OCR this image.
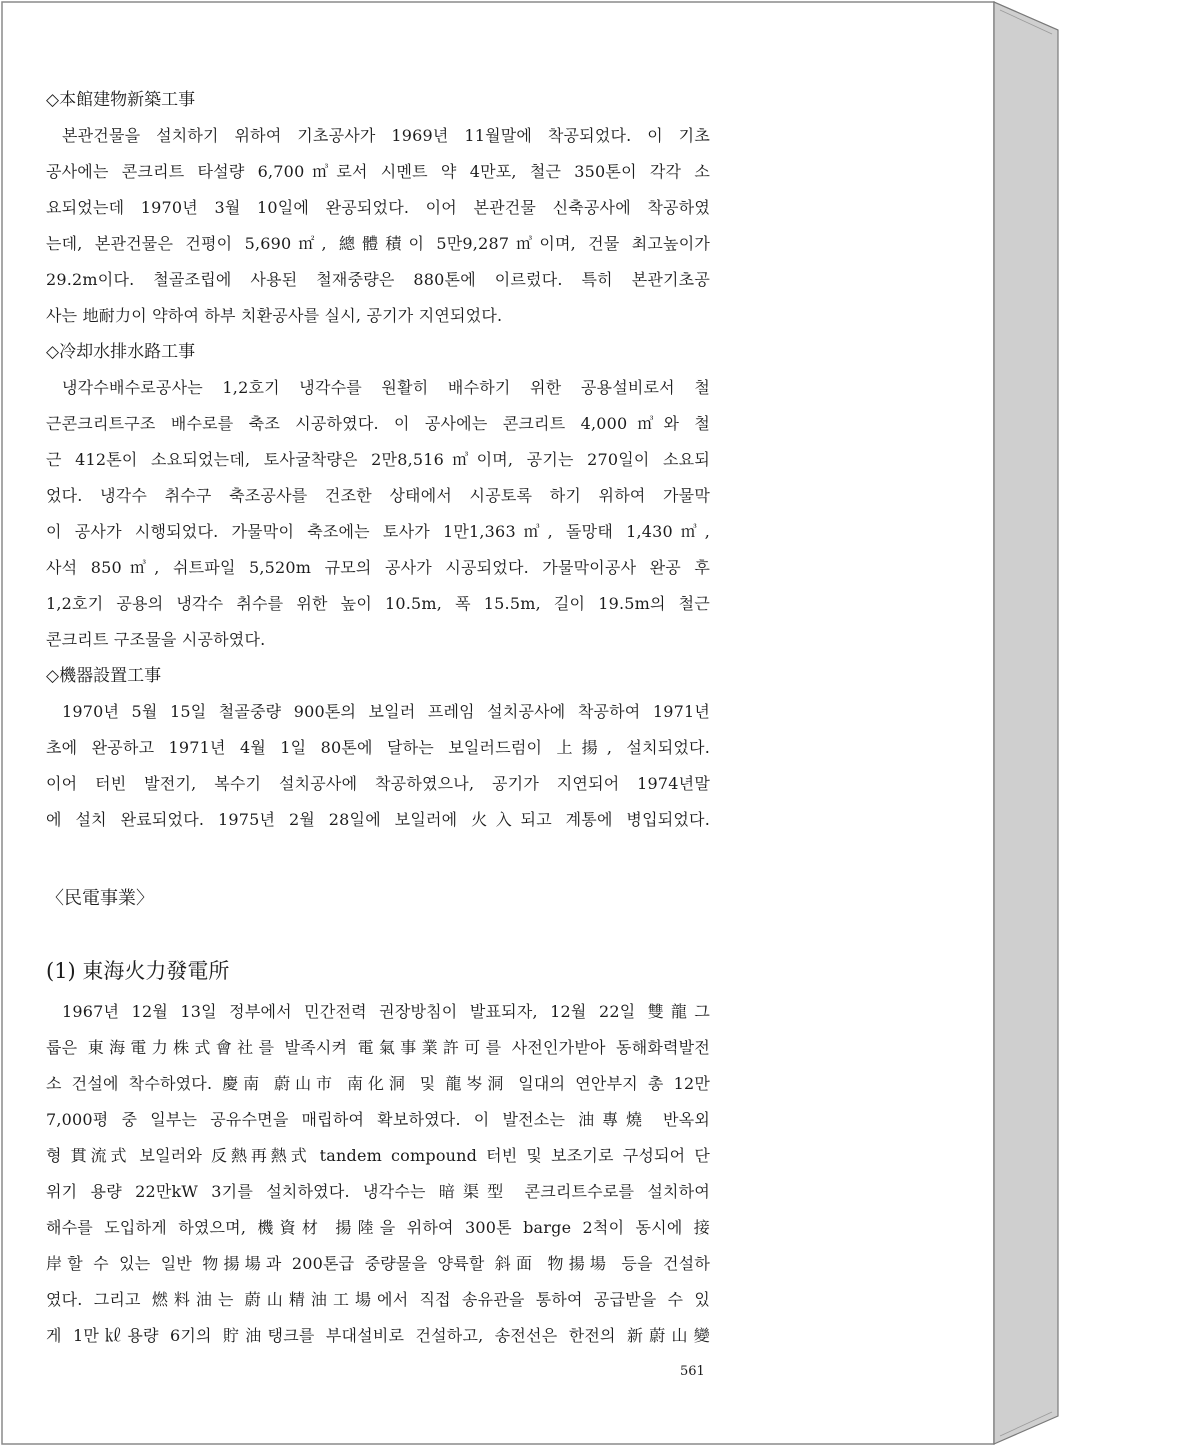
◇本館建物新築工事

본관건물을 설치하기 위하여 기초공사가 1969년 11월말에 착공되었다. 이 기초

공사에는 콘크리트 타설량 6,700㎥로서 시멘트 약 4만포, 철근 350톤이 각각 소

요되었는데 1970년 3월 10일에 완공되었다. 이어 본관건물 신축공사에 착공하였

는데, 본관건물은 건평이 5,690㎡, 總體積이 5만9,287㎥이며, 건물 최고높이가

29.2m이다. 철골조립에 사용된 철재중량은 880톤에 이르렀다. 특히 본관기초공

사는 地耐力이 약하여 하부 치환공사를 실시, 공기가 지연되었다.

◇冷却水排水路工事

냉각수배수로공사는 1,2호기 냉각수를 원활히 배수하기 위한 공용설비로서 철

근콘크리트구조 배수로를 축조 시공하였다. 이 공사에는 콘크리트 4,000㎥와 철

근 412톤이 소요되었는데, 토사굴착량은 2만8,516㎥이며, 공기는 270일이 소요되

었다. 냉각수 취수구 축조공사를 건조한 상태에서 시공토록 하기 위하여 가물막

이 공사가 시행되었다. 가물막이 축조에는 토사가 1만1,363㎥, 돌망태 1,430㎥,

사석 850㎥, 쉬트파일 5,520m 규모의 공사가 시공되었다. 가물막이공사 완공 후

1,2호기 공용의 냉각수 취수를 위한 높이 10.5m, 폭 15.5m, 길이 19.5m의 철근

콘크리트 구조물을 시공하였다.

◇機器設置工事

1970년 5월 15일 철골중량 900톤의 보일러 프레임 설치공사에 착공하여 1971년

초에 완공하고 1971년 4월 1일 80톤에 달하는 보일러드럼이 上揚, 설치되었다.

이어 터빈 발전기, 복수기 설치공사에 착공하였으나, 공기가 지연되어 1974년말

에 설치 완료되었다. 1975년 2월 28일에 보일러에 火入되고 계통에 병입되었다.

〈民電事業〉
(1) 東海火力發電所

1967년 12월 13일 정부에서 민간전력 권장방침이 발표되자, 12월 22일 雙龍그

룹은 東海電力株式會社를 발족시켜 電氣事業許可를 사전인가받아 동해화력발전

소 건설에 착수하였다. 慶南 蔚山市 南化洞 및 龍岑洞 일대의 연안부지 총 12만

7,000평 중 일부는 공유수면을 매립하여 확보하였다. 이 발전소는 油專燒 반옥외

형 貫流式 보일러와 反熱再熱式 tandem compound 터빈 및 보조기로 구성되어 단

위기 용량 22만kW 3기를 설치하였다. 냉각수는 暗渠型 콘크리트수로를 설치하여

해수를 도입하게 하였으며, 機資材 揚陸을 위하여 300톤 barge 2척이 동시에 接

岸할 수 있는 일반 物揚場과 200톤급 중량물을 양륙할 斜面 物揚場 등을 건설하

였다. 그리고 燃料油는 蔚山精油工場에서 직접 송유관을 통하여 공급받을 수 있

게 1만㎘용량 6기의 貯油탱크를 부대설비로 건설하고, 송전선은 한전의 新蔚山變

561
